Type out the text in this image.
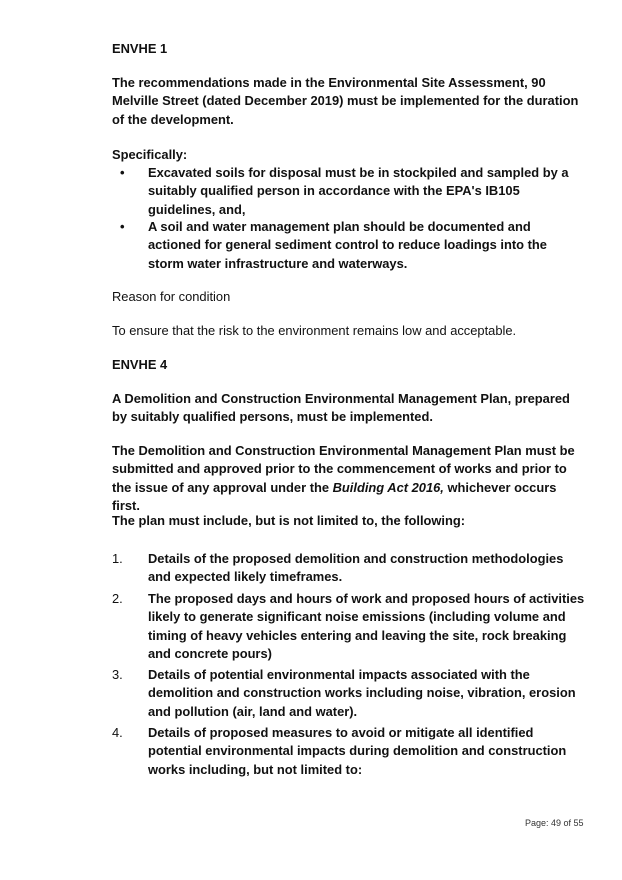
ENVHE 1

The recommendations made in the Environmental Site Assessment, 90 Melville Street (dated December 2019) must be implemented for the duration of the development.

Specifically:

• Excavated soils for disposal must be in stockpiled and sampled by a suitably qualified person in accordance with the EPA's IB105 guidelines, and,

• A soil and water management plan should be documented and actioned for general sediment control to reduce loadings into the storm water infrastructure and waterways.

Reason for condition

To ensure that the risk to the environment remains low and acceptable.

ENVHE 4

A Demolition and Construction Environmental Management Plan, prepared by suitably qualified persons, must be implemented.

The Demolition and Construction Environmental Management Plan must be submitted and approved prior to the commencement of works and prior to the issue of any approval under the Building Act 2016, whichever occurs first.

The plan must include, but is not limited to, the following:

1. Details of the proposed demolition and construction methodologies and expected likely timeframes.

2. The proposed days and hours of work and proposed hours of activities likely to generate significant noise emissions (including volume and timing of heavy vehicles entering and leaving the site, rock breaking and concrete pours)

3. Details of potential environmental impacts associated with the demolition and construction works including noise, vibration, erosion and pollution (air, land and water).

4. Details of proposed measures to avoid or mitigate all identified potential environmental impacts during demolition and construction works including, but not limited to:

Page: 49 of 55
